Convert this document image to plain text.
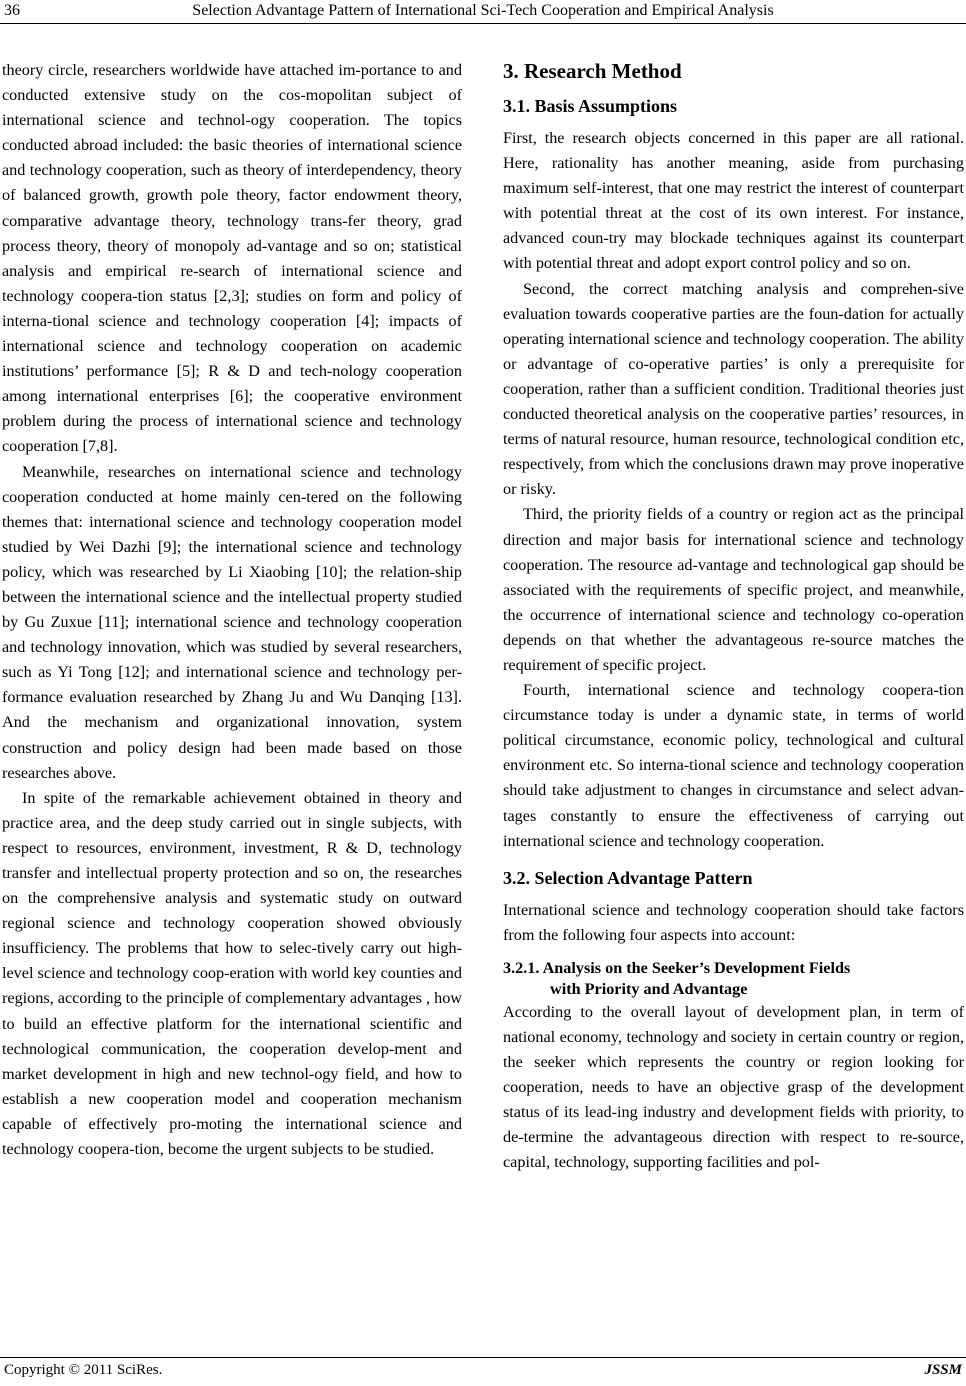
36	Selection Advantage Pattern of International Sci-Tech Cooperation and Empirical Analysis

theory circle, researchers worldwide have attached im-portance to and conducted extensive study on the cos-mopolitan subject of international science and technol-ogy cooperation. The topics conducted abroad included: the basic theories of international science and technology cooperation, such as theory of interdependency, theory of balanced growth, growth pole theory, factor endowment theory, comparative advantage theory, technology trans-fer theory, grad process theory, theory of monopoly ad-vantage and so on; statistical analysis and empirical re-search of international science and technology coopera-tion status [2,3]; studies on form and policy of interna-tional science and technology cooperation [4]; impacts of international science and technology cooperation on academic institutions’ performance [5]; R & D and tech-nology cooperation among international enterprises [6]; the cooperative environment problem during the process of international science and technology cooperation [7,8].

Meanwhile, researches on international science and technology cooperation conducted at home mainly cen-tered on the following themes that: international science and technology cooperation model studied by Wei Dazhi [9]; the international science and technology policy, which was researched by Li Xiaobing [10]; the relation-ship between the international science and the intellectual property studied by Gu Zuxue [11]; international science and technology cooperation and technology innovation, which was studied by several researchers, such as Yi Tong [12]; and international science and technology per-formance evaluation researched by Zhang Ju and Wu Danqing [13]. And the mechanism and organizational innovation, system construction and policy design had been made based on those researches above.

In spite of the remarkable achievement obtained in theory and practice area, and the deep study carried out in single subjects, with respect to resources, environment, investment, R & D, technology transfer and intellectual property protection and so on, the researches on the comprehensive analysis and systematic study on outward regional science and technology cooperation showed obviously insufficiency. The problems that how to selec-tively carry out high-level science and technology coop-eration with world key counties and regions, according to the principle of complementary advantages , how to build an effective platform for the international scientific and technological communication, the cooperation develop-ment and market development in high and new technol-ogy field, and how to establish a new cooperation model and cooperation mechanism capable of effectively pro-moting the international science and technology coopera-tion, become the urgent subjects to be studied.

3. Research Method
3.1. Basis Assumptions

First, the research objects concerned in this paper are all rational. Here, rationality has another meaning, aside from purchasing maximum self-interest, that one may restrict the interest of counterpart with potential threat at the cost of its own interest. For instance, advanced coun-try may blockade techniques against its counterpart with potential threat and adopt export control policy and so on.

Second, the correct matching analysis and comprehen-sive evaluation towards cooperative parties are the foun-dation for actually operating international science and technology cooperation. The ability or advantage of co-operative parties’ is only a prerequisite for cooperation, rather than a sufficient condition. Traditional theories just conducted theoretical analysis on the cooperative parties’ resources, in terms of natural resource, human resource, technological condition etc, respectively, from which the conclusions drawn may prove inoperative or risky.

Third, the priority fields of a country or region act as the principal direction and major basis for international science and technology cooperation. The resource ad-vantage and technological gap should be associated with the requirements of specific project, and meanwhile, the occurrence of international science and technology co-operation depends on that whether the advantageous re-source matches the requirement of specific project.

Fourth, international science and technology coopera-tion circumstance today is under a dynamic state, in terms of world political circumstance, economic policy, technological and cultural environment etc. So interna-tional science and technology cooperation should take adjustment to changes in circumstance and select advan-tages constantly to ensure the effectiveness of carrying out international science and technology cooperation.

3.2. Selection Advantage Pattern

International science and technology cooperation should take factors from the following four aspects into account:

3.2.1. Analysis on the Seeker’s Development Fields
with Priority and Advantage

According to the overall layout of development plan, in term of national economy, technology and society in certain country or region, the seeker which represents the country or region looking for cooperation, needs to have an objective grasp of the development status of its lead-ing industry and development fields with priority, to de-termine the advantageous direction with respect to re-source, capital, technology, supporting facilities and pol-

Copyright © 2011 SciRes.	JSSM
